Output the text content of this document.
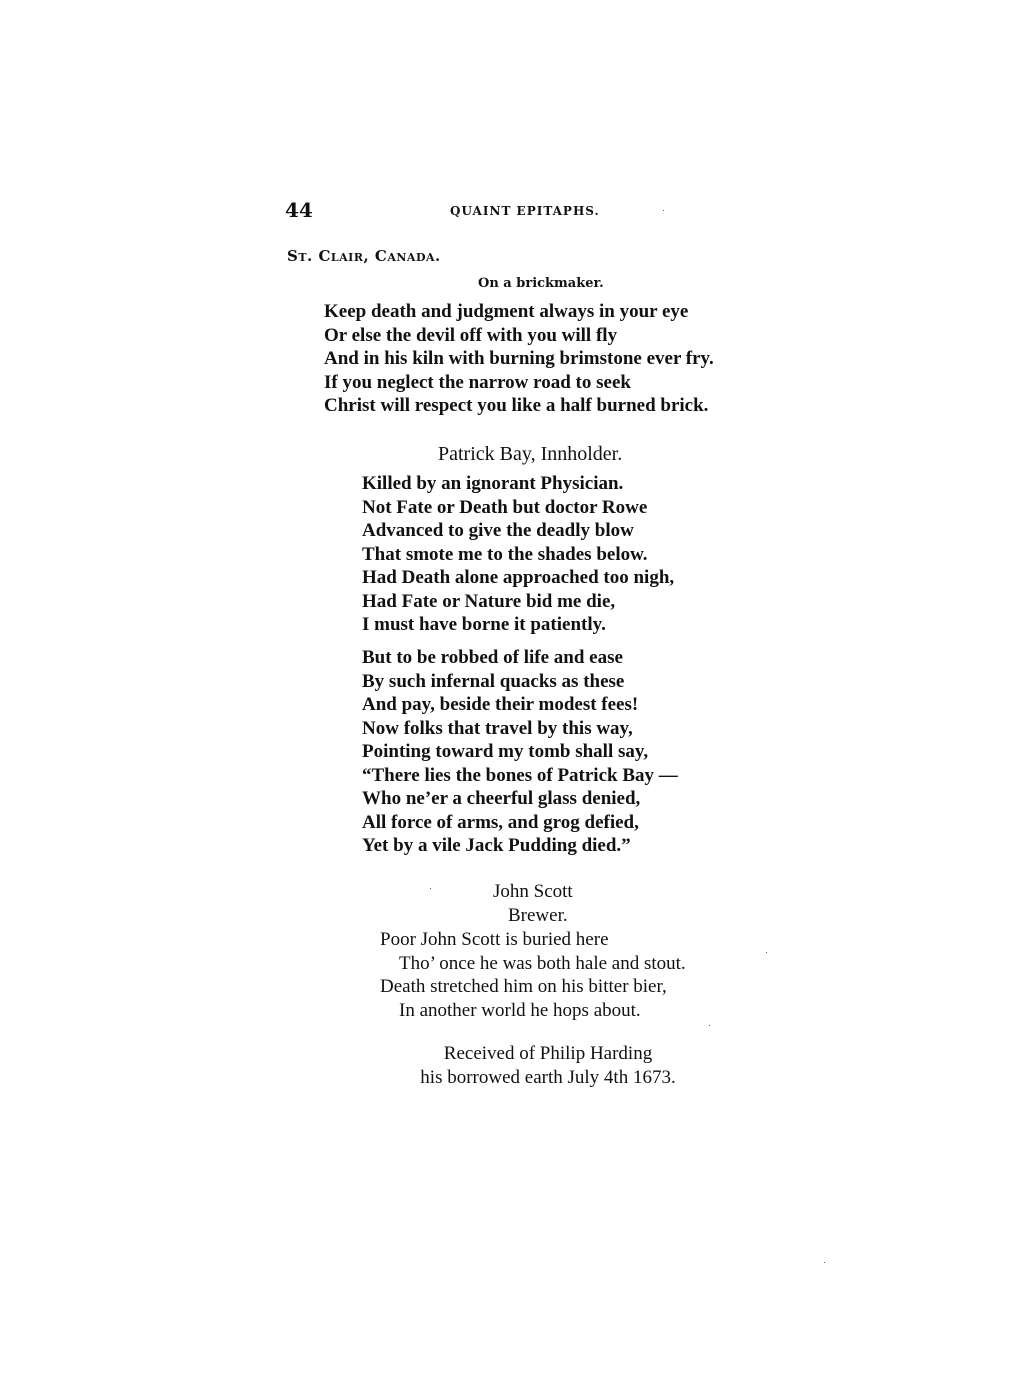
44	QUAINT EPITAPHS.
St. Clair, Canada.
On a brickmaker.
Keep death and judgment always in your eye
Or else the devil off with you will fly
And in his kiln with burning brimstone ever fry.
If you neglect the narrow road to seek
Christ will respect you like a half burned brick.
Patrick Bay, Innholder.
Killed by an ignorant Physician.
Not Fate or Death but doctor Rowe
Advanced to give the deadly blow
That smote me to the shades below.
Had Death alone approached too nigh,
Had Fate or Nature bid me die,
I must have borne it patiently.
But to be robbed of life and ease
By such infernal quacks as these
And pay, beside their modest fees!
Now folks that travel by this way,
Pointing toward my tomb shall say,
“There lies the bones of Patrick Bay —
Who ne’er a cheerful glass denied,
All force of arms, and grog defied,
Yet by a vile Jack Pudding died.”
John Scott
Brewer.
Poor John Scott is buried here
Tho’ once he was both hale and stout.
Death stretched him on his bitter bier,
In another world he hops about.
Received of Philip Harding
his borrowed earth July 4th 1673.
